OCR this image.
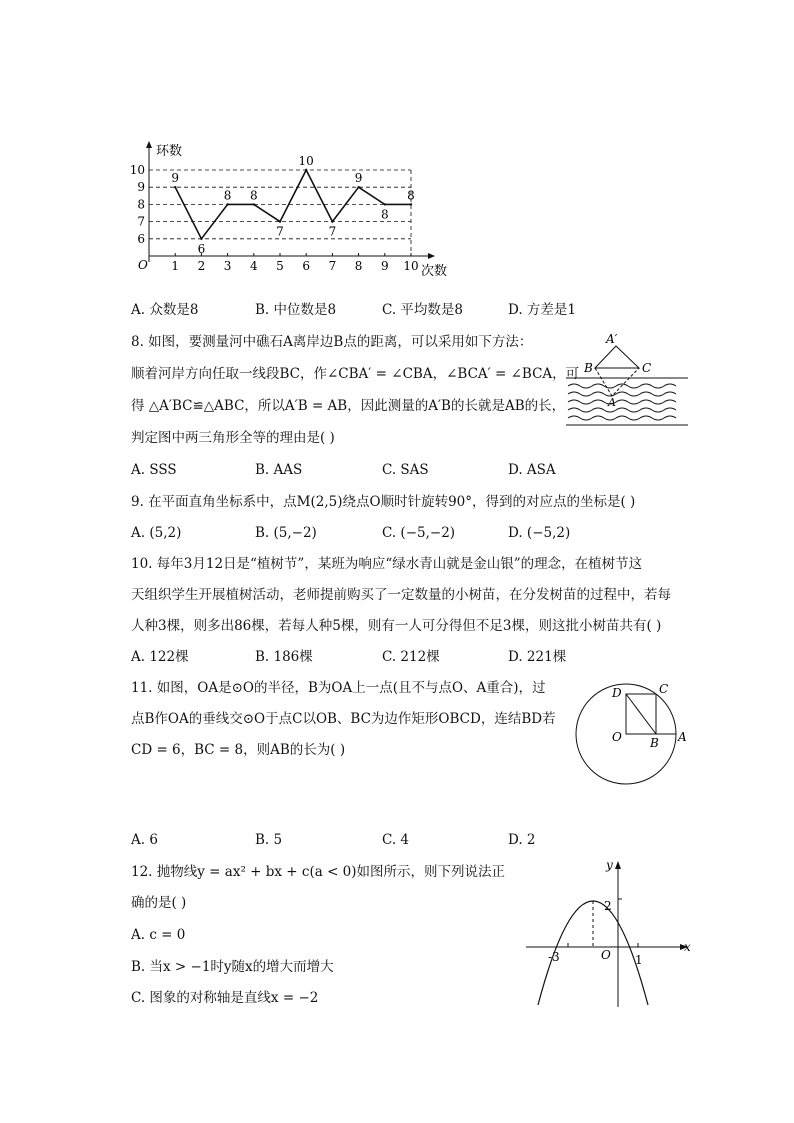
9
6
8 8
7
10
7
9
8
8
6
7
8
9
10
1 2 3 4 5 6 7 8 9 10
环数
次数
O
A. 众数是8	B. 中位数是8	C. 平均数是8	D. 方差是1
8. 如图，要测量河中礁石A离岸边B点的距离，可以采用如下方法：
顺着河岸方向任取一线段BC，作∠CBA′ = ∠CBA，∠BCA′ = ∠BCA，可
得 △A′BC≌△ABC，所以A′B = AB，因此测量的A′B的长就是AB的长，
判定图中两三角形全等的理由是( )
A′
B	C
A
A. SSS	B. AAS	C. SAS	D. ASA
9. 在平面直角坐标系中，点M(2,5)绕点O顺时针旋转90°，得到的对应点的坐标是( )
A. (5,2)	B. (5,−2)	C. (−5,−2)	D. (−5,2)
10. 每年3月12日是“植树节”，某班为响应“绿水青山就是金山银”的理念，在植树节这
天组织学生开展植树活动，老师提前购买了一定数量的小树苗，在分发树苗的过程中，若每
人种3棵，则多出86棵，若每人种5棵，则有一人可分得但不足3棵，则这批小树苗共有( )
A. 122棵	B. 186棵	C. 212棵	D. 221棵
11. 如图，OA是⊙O的半径，B为OA上一点(且不与点O、A重合)，过
点B作OA的垂线交⊙O于点C以OB、BC为边作矩形OBCD，连结BD若
CD = 6，BC = 8，则AB的长为( )
D	C
O B A
A. 6	B. 5	C. 4	D. 2
12. 抛物线y = ax² + bx + c(a < 0)如图所示，则下列说法正
确的是( )
A. c = 0
B. 当x > −1时y随x的增大而增大
C. 图象的对称轴是直线x = −2
y
x
2
-3	O 1
